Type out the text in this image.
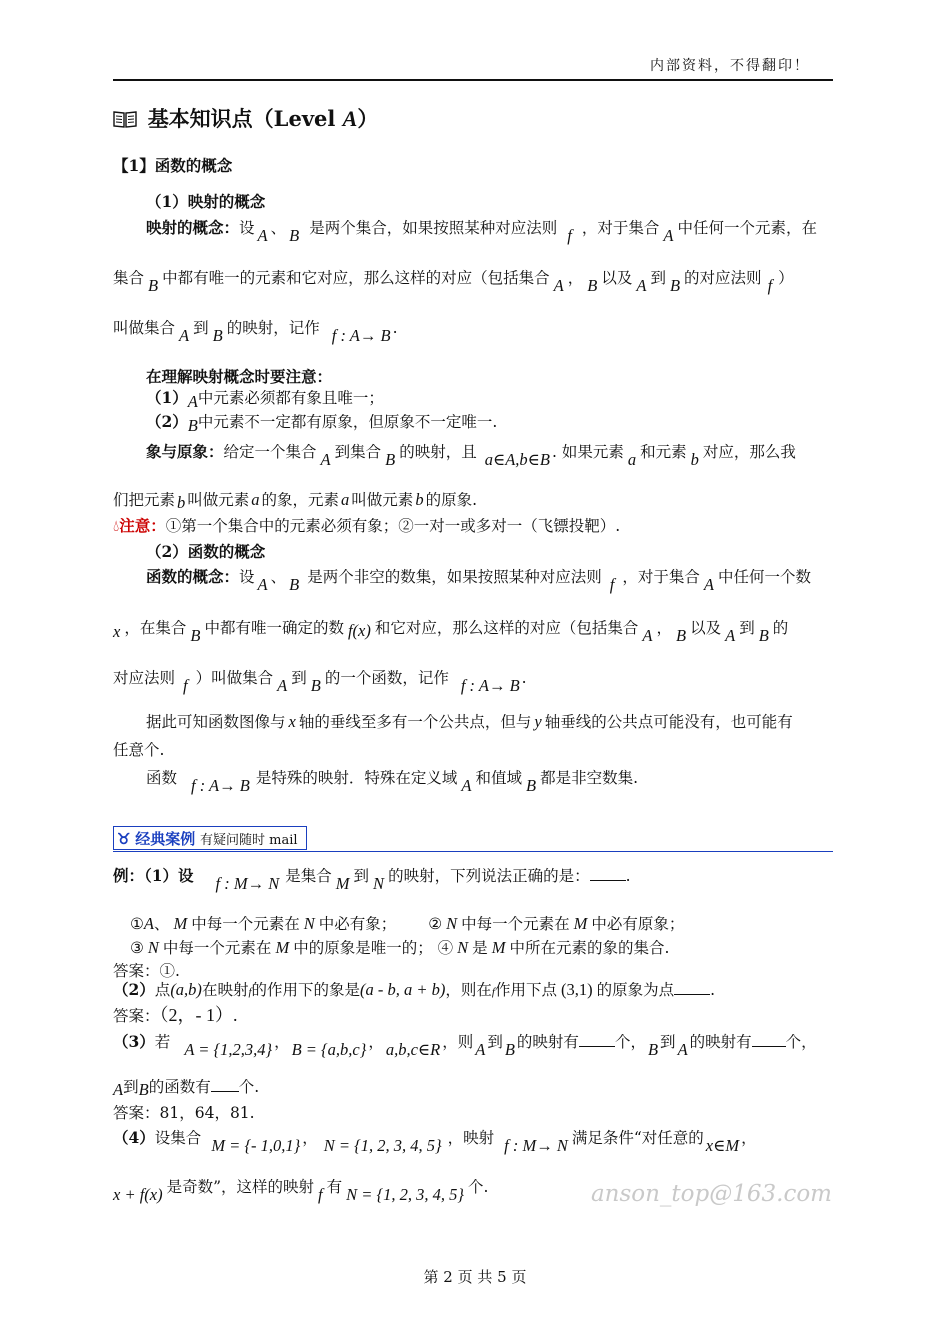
内部资料，不得翻印！
基本知识点（Level A）
【1】函数的概念
（1）映射的概念
映射的概念：设 A 、 B 是两个集合，如果按照某种对应法则 f ，对于集合 A 中任何一个元素，在
集合 B 中都有唯一的元素和它对应，那么这样的对应（包括集合 A ， B 以及 A 到 B 的对应法则 f ）
叫做集合 A 到 B 的映射，记作 f : A→ B .
在理解映射概念时要注意：
（1）A中元素必须都有象且唯一；
（2）B中元素不一定都有原象，但原象不一定唯一.
象与原象：给定一个集合 A 到集合 B 的映射，且 a∈A,b∈B . 如果元素 a 和元素 b 对应，那么我
们把元素 b 叫做元素 a 的象，元素 a 叫做元素 b 的原象.
💧︎注意：①第一个集合中的元素必须有象；②一对一或多对一（飞镖投靶）.
（2）函数的概念
函数的概念：设 A 、 B 是两个非空的数集，如果按照某种对应法则 f ，对于集合 A 中任何一个数
x ，在集合 B 中都有唯一确定的数 f(x) 和它对应，那么这样的对应（包括集合 A ， B 以及 A 到 B 的
对应法则 f ）叫做集合 A 到 B 的一个函数，记作 f : A→ B .
据此可知函数图像与 x 轴的垂线至多有一个公共点，但与 y 轴垂线的公共点可能没有，也可能有
任意个.
函数 f : A→ B 是特殊的映射．特殊在定义域 A 和值域 B 都是非空数集.
♉︎ 经典案例 有疑问随时 mail
例：（1）设 f : M→ N 是集合 M 到 N 的映射，下列说法正确的是： .
①A、 M 中每一个元素在 N 中必有象； ② N 中每一个元素在 M 中必有原象；
③ N 中每一个元素在 M 中的原象是唯一的； ④ N 是 M 中所在元素的象的集合.
答案：①.
（2）点(a,b)在映射f的作用下的象是(a - b, a + b)，则在f作用下点 (3,1) 的原象为点 .
答案：（2，- 1）.
（3）若 A = {1,2,3,4} ， B = {a,b,c} ， a,b,c∈R ，则 A 到 B 的映射有 个， B 到 A 的映射有 个，
A到B的函数有 个.
答案：81，64，81.
（4）设集合 M = {- 1,0,1} ， N = {1, 2, 3, 4, 5} ，映射 f : M→ N 满足条件“对任意的 x∈M ，
x + f(x) 是奇数”，这样的映射 f 有 N = {1, 2, 3, 4, 5} 个.	anson_top@163.com
第 2 页 共 5 页
